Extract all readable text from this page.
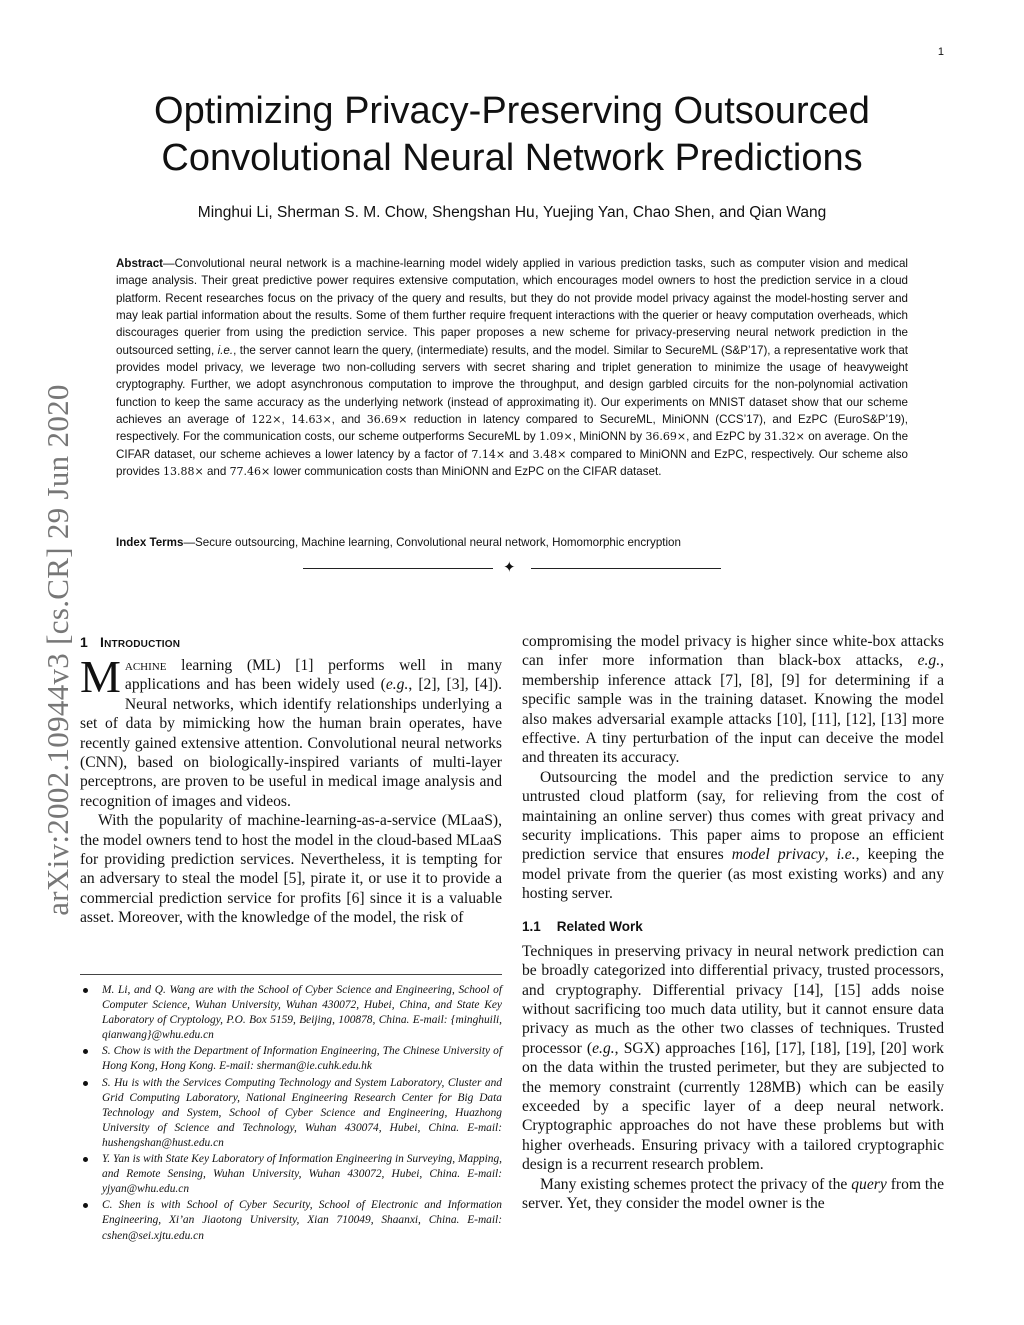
1
arXiv:2002.10944v3 [cs.CR] 29 Jun 2020
Optimizing Privacy-Preserving Outsourced
Convolutional Neural Network Predictions
Minghui Li, Sherman S. M. Chow, Shengshan Hu, Yuejing Yan, Chao Shen, and Qian Wang
Abstract—Convolutional neural network is a machine-learning model widely applied in various prediction tasks, such as computer vision and medical image analysis. Their great predictive power requires extensive computation, which encourages model owners to host the prediction service in a cloud platform. Recent researches focus on the privacy of the query and results, but they do not provide model privacy against the model-hosting server and may leak partial information about the results. Some of them further require frequent interactions with the querier or heavy computation overheads, which discourages querier from using the prediction service. This paper proposes a new scheme for privacy-preserving neural network prediction in the outsourced setting, i.e., the server cannot learn the query, (intermediate) results, and the model. Similar to SecureML (S&P’17), a representative work that provides model privacy, we leverage two non-colluding servers with secret sharing and triplet generation to minimize the usage of heavyweight cryptography. Further, we adopt asynchronous computation to improve the throughput, and design garbled circuits for the non-polynomial activation function to keep the same accuracy as the underlying network (instead of approximating it). Our experiments on MNIST dataset show that our scheme achieves an average of 122×, 14.63×, and 36.69× reduction in latency compared to SecureML, MiniONN (CCS’17), and EzPC (EuroS&P’19), respectively. For the communication costs, our scheme outperforms SecureML by 1.09×, MiniONN by 36.69×, and EzPC by 31.32× on average. On the CIFAR dataset, our scheme achieves a lower latency by a factor of 7.14× and 3.48× compared to MiniONN and EzPC, respectively. Our scheme also provides 13.88× and 77.46× lower communication costs than MiniONN and EzPC on the CIFAR dataset.
Index Terms—Secure outsourcing, Machine learning, Convolutional neural network, Homomorphic encryption
✦
1 Introduction

Machine learning (ML) [1] performs well in many applications and has been widely used (e.g., [2], [3], [4]). Neural networks, which identify relationships underlying a set of data by mimicking how the human brain operates, have recently gained extensive attention. Convolutional neural networks (CNN), based on biologically-inspired variants of multi-layer perceptrons, are proven to be useful in medical image analysis and recognition of images and videos.

With the popularity of machine-learning-as-a-service (MLaaS), the model owners tend to host the model in the cloud-based MLaaS for providing prediction services. Nevertheless, it is tempting for an adversary to steal the model [5], pirate it, or use it to provide a commercial prediction service for profits [6] since it is a valuable asset. Moreover, with the knowledge of the model, the risk of

M. Li, and Q. Wang are with the School of Cyber Science and Engineering, School of Computer Science, Wuhan University, Wuhan 430072, Hubei, China, and State Key Laboratory of Cryptology, P.O. Box 5159, Beijing, 100878, China. E-mail: {minghuili, qianwang}@whu.edu.cn
S. Chow is with the Department of Information Engineering, The Chinese University of Hong Kong, Hong Kong. E-mail: sherman@ie.cuhk.edu.hk
S. Hu is with the Services Computing Technology and System Laboratory, Cluster and Grid Computing Laboratory, National Engineering Research Center for Big Data Technology and System, School of Cyber Science and Engineering, Huazhong University of Science and Technology, Wuhan 430074, Hubei, China. E-mail: hushengshan@hust.edu.cn
Y. Yan is with State Key Laboratory of Information Engineering in Surveying, Mapping, and Remote Sensing, Wuhan University, Wuhan 430072, Hubei, China. E-mail: yjyan@whu.edu.cn
C. Shen is with School of Cyber Security, School of Electronic and Information Engineering, Xi’an Jiaotong University, Xian 710049, Shaanxi, China. E-mail: cshen@sei.xjtu.edu.cn

compromising the model privacy is higher since white-box attacks can infer more information than black-box attacks, e.g., membership inference attack [7], [8], [9] for determining if a specific sample was in the training dataset. Knowing the model also makes adversarial example attacks [10], [11], [12], [13] more effective. A tiny perturbation of the input can deceive the model and threaten its accuracy.

Outsourcing the model and the prediction service to any untrusted cloud platform (say, for relieving from the cost of maintaining an online server) thus comes with great privacy and security implications. This paper aims to propose an efficient prediction service that ensures model privacy, i.e., keeping the model private from the querier (as most existing works) and any hosting server.

1.1 Related Work

Techniques in preserving privacy in neural network prediction can be broadly categorized into differential privacy, trusted processors, and cryptography. Differential privacy [14], [15] adds noise without sacrificing too much data utility, but it cannot ensure data privacy as much as the other two classes of techniques. Trusted processor (e.g., SGX) approaches [16], [17], [18], [19], [20] work on the data within the trusted perimeter, but they are subjected to the memory constraint (currently 128MB) which can be easily exceeded by a specific layer of a deep neural network. Cryptographic approaches do not have these problems but with higher overheads. Ensuring privacy with a tailored cryptographic design is a recurrent research problem.

Many existing schemes protect the privacy of the query from the server. Yet, they consider the model owner is the
